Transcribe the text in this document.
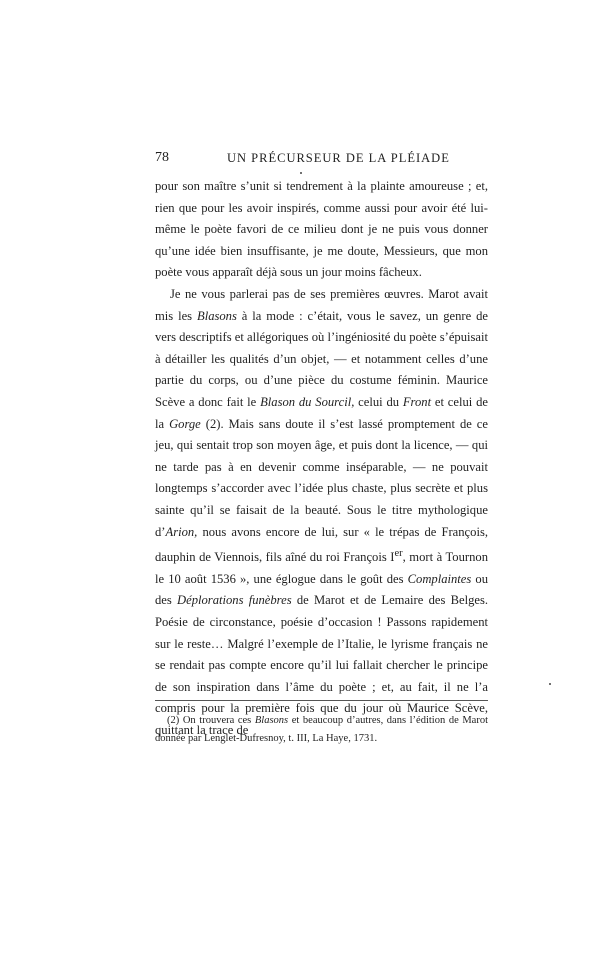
78	UN PRÉCURSEUR DE LA PLÉIADE

pour son maître s’unit si tendrement à la plainte amoureuse ; et, rien que pour les avoir inspirés, comme aussi pour avoir été lui-même le poète favori de ce milieu dont je ne puis vous donner qu’une idée bien insuffisante, je me doute, Messieurs, que mon poète vous apparaît déjà sous un jour moins fâcheux.

Je ne vous parlerai pas de ses premières œuvres. Marot avait mis les Blasons à la mode : c’était, vous le savez, un genre de vers descriptifs et allégoriques où l’ingéniosité du poète s’épuisait à détailler les qualités d’un objet, — et notamment celles d’une partie du corps, ou d’une pièce du costume féminin. Maurice Scève a donc fait le Blason du Sourcil, celui du Front et celui de la Gorge (2). Mais sans doute il s’est lassé promptement de ce jeu, qui sentait trop son moyen âge, et puis dont la licence, — qui ne tarde pas à en devenir comme inséparable, — ne pouvait longtemps s’accorder avec l’idée plus chaste, plus secrète et plus sainte qu’il se faisait de la beauté. Sous le titre mythologique d’Arion, nous avons encore de lui, sur « le trépas de François, dauphin de Viennois, fils aîné du roi François Ier, mort à Tournon le 10 août 1536 », une églogue dans le goût des Complaintes ou des Déplorations funèbres de Marot et de Lemaire des Belges. Poésie de circonstance, poésie d’occasion ! Passons rapidement sur le reste… Malgré l’exemple de l’Italie, le lyrisme français ne se rendait pas compte encore qu’il lui fallait chercher le principe de son inspiration dans l’âme du poète ; et, au fait, il ne l’a compris pour la première fois que du jour où Maurice Scève, quittant la trace de

(2) On trouvera ces Blasons et beaucoup d’autres, dans l’édition de Marot donnée par Lenglet-Dufresnoy, t. III, La Haye, 1731.
